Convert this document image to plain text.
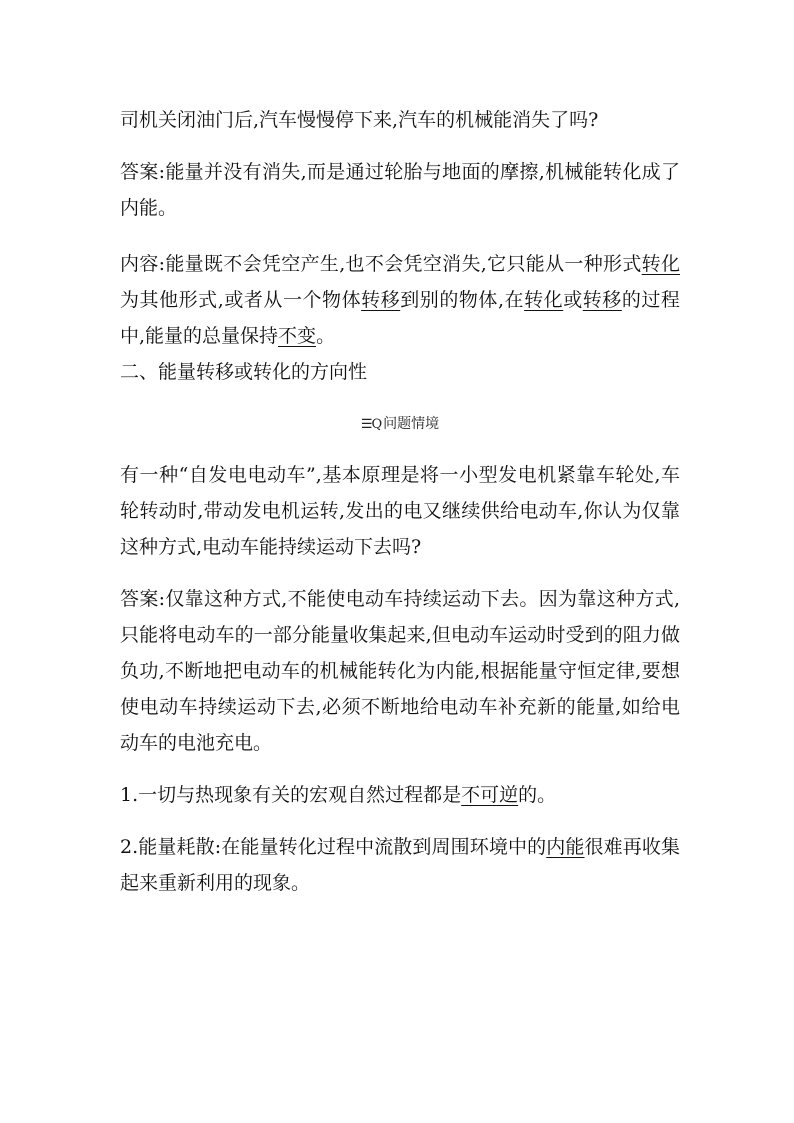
司机关闭油门后,汽车慢慢停下来,汽车的机械能消失了吗?

答案:能量并没有消失,而是通过轮胎与地面的摩擦,机械能转化成了内能。

内容:能量既不会凭空产生,也不会凭空消失,它只能从一种形式转化为其他形式,或者从一个物体转移到别的物体,在转化或转移的过程中,能量的总量保持不变。

二、能量转移或转化的方向性

☰Q 问题情境

有一种“自发电电动车”,基本原理是将一小型发电机紧靠车轮处,车轮转动时,带动发电机运转,发出的电又继续供给电动车,你认为仅靠这种方式,电动车能持续运动下去吗?

答案:仅靠这种方式,不能使电动车持续运动下去。因为靠这种方式,只能将电动车的一部分能量收集起来,但电动车运动时受到的阻力做负功,不断地把电动车的机械能转化为内能,根据能量守恒定律,要想使电动车持续运动下去,必须不断地给电动车补充新的能量,如给电动车的电池充电。

1.一切与热现象有关的宏观自然过程都是不可逆的。

2.能量耗散:在能量转化过程中流散到周围环境中的内能很难再收集起来重新利用的现象。
